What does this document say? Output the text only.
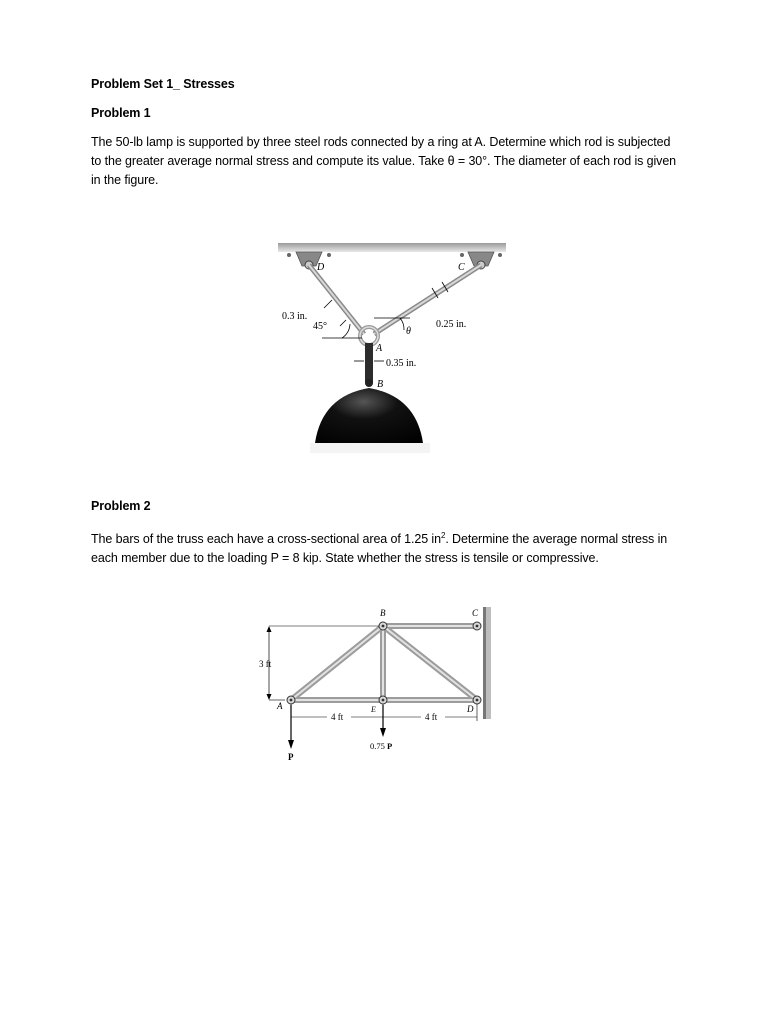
Problem Set 1_ Stresses
Problem 1
The 50-lb lamp is supported by three steel rods connected by a ring at A. Determine which rod is subjected to the greater average normal stress and compute its value. Take θ = 30°. The diameter of each rod is given in the figure.
D	C
0.3 in.
45°	θ
0.25 in.
A
0.35 in.
B
Problem 2
The bars of the truss each have a cross-sectional area of 1.25 $in^2$. Determine the average normal stress in each member due to the loading P = 8 kip. State whether the stress is tensile or compressive.
B	C
A	E	D
3 ft
4 ft	4 ft
P
0.75 P
